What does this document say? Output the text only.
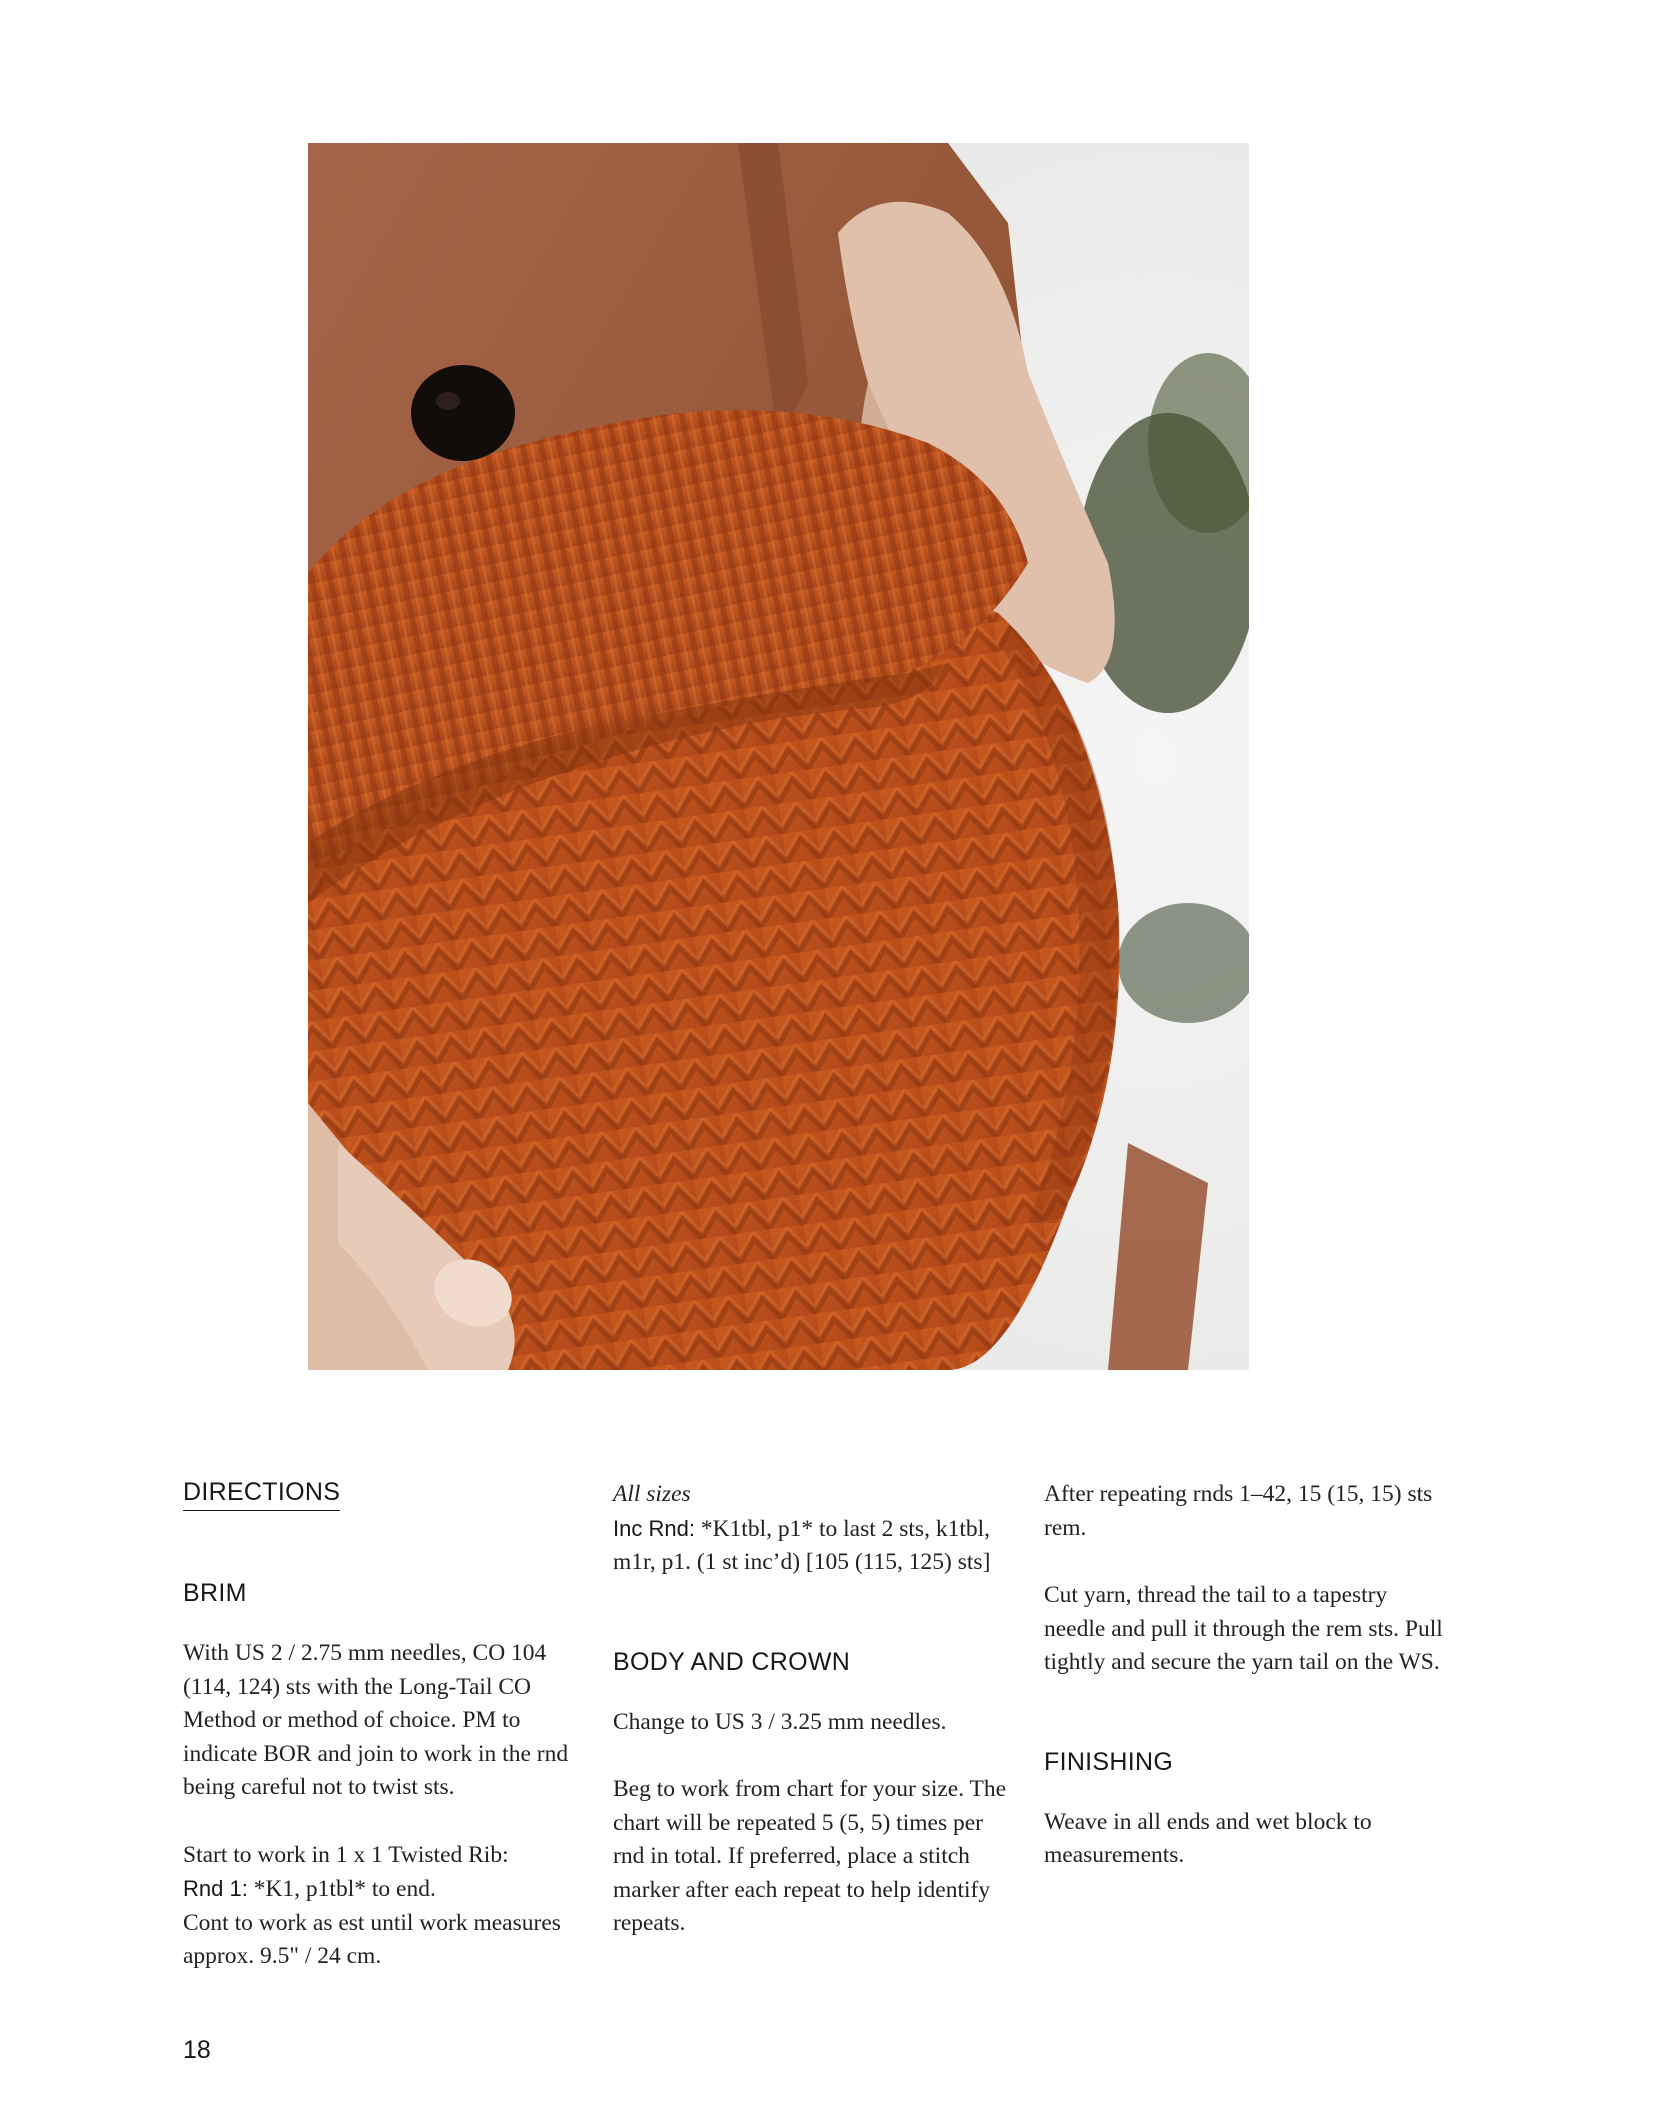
DIRECTIONS

BRIM

With US 2 / 2.75 mm needles, CO 104 (114, 124) sts with the Long-Tail CO Method or method of choice. PM to indicate BOR and join to work in the rnd being careful not to twist sts.

Start to work in 1 x 1 Twisted Rib:
Rnd 1: *K1, p1tbl* to end.
Cont to work as est until work measures approx. 9.5" / 24 cm.

All sizes

Inc Rnd: *K1tbl, p1* to last 2 sts, k1tbl, m1r, p1. (1 st inc’d) [105 (115, 125) sts]

BODY AND CROWN

Change to US 3 / 3.25 mm needles.

Beg to work from chart for your size. The chart will be repeated 5 (5, 5) times per rnd in total. If preferred, place a stitch marker after each repeat to help identify repeats.

After repeating rnds 1–42, 15 (15, 15) sts rem.

Cut yarn, thread the tail to a tapestry needle and pull it through the rem sts. Pull tightly and secure the yarn tail on the WS.

FINISHING

Weave in all ends and wet block to measurements.

18
